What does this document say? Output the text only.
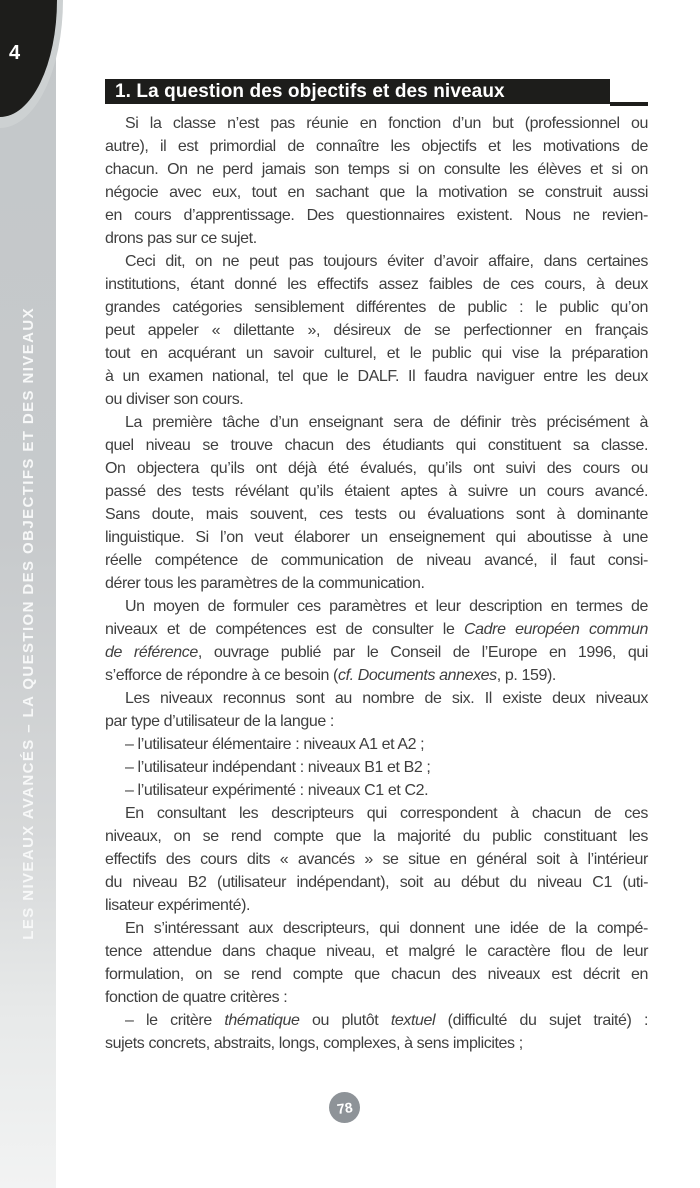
4
LES NIVEAUX AVANCÉS – LA QUESTION DES OBJECTIFS ET DES NIVEAUX
1. La question des objectifs et des niveaux
Si la classe n’est pas réunie en fonction d’un but (professionnel ou
autre), il est primordial de connaître les objectifs et les motivations de
chacun. On ne perd jamais son temps si on consulte les élèves et si on
négocie avec eux, tout en sachant que la motivation se construit aussi
en cours d’apprentissage. Des questionnaires existent. Nous ne revien-
drons pas sur ce sujet.
Ceci dit, on ne peut pas toujours éviter d’avoir affaire, dans certaines
institutions, étant donné les effectifs assez faibles de ces cours, à deux
grandes catégories sensiblement différentes de public : le public qu’on
peut appeler « dilettante », désireux de se perfectionner en français
tout en acquérant un savoir culturel, et le public qui vise la préparation
à un examen national, tel que le DALF. Il faudra naviguer entre les deux
ou diviser son cours.
La première tâche d’un enseignant sera de définir très précisément à
quel niveau se trouve chacun des étudiants qui constituent sa classe.
On objectera qu’ils ont déjà été évalués, qu’ils ont suivi des cours ou
passé des tests révélant qu’ils étaient aptes à suivre un cours avancé.
Sans doute, mais souvent, ces tests ou évaluations sont à dominante
linguistique. Si l’on veut élaborer un enseignement qui aboutisse à une
réelle compétence de communication de niveau avancé, il faut consi-
dérer tous les paramètres de la communication.
Un moyen de formuler ces paramètres et leur description en termes de
niveaux et de compétences est de consulter le Cadre européen commun
de référence, ouvrage publié par le Conseil de l’Europe en 1996, qui
s’efforce de répondre à ce besoin (cf. Documents annexes, p. 159).
Les niveaux reconnus sont au nombre de six. Il existe deux niveaux
par type d’utilisateur de la langue :
– l’utilisateur élémentaire : niveaux A1 et A2 ;
– l’utilisateur indépendant : niveaux B1 et B2 ;
– l’utilisateur expérimenté : niveaux C1 et C2.
En consultant les descripteurs qui correspondent à chacun de ces
niveaux, on se rend compte que la majorité du public constituant les
effectifs des cours dits « avancés » se situe en général soit à l’intérieur
du niveau B2 (utilisateur indépendant), soit au début du niveau C1 (uti-
lisateur expérimenté).
En s’intéressant aux descripteurs, qui donnent une idée de la compé-
tence attendue dans chaque niveau, et malgré le caractère flou de leur
formulation, on se rend compte que chacun des niveaux est décrit en
fonction de quatre critères :
– le critère thématique ou plutôt textuel (difficulté du sujet traité) :
sujets concrets, abstraits, longs, complexes, à sens implicites ;
78
